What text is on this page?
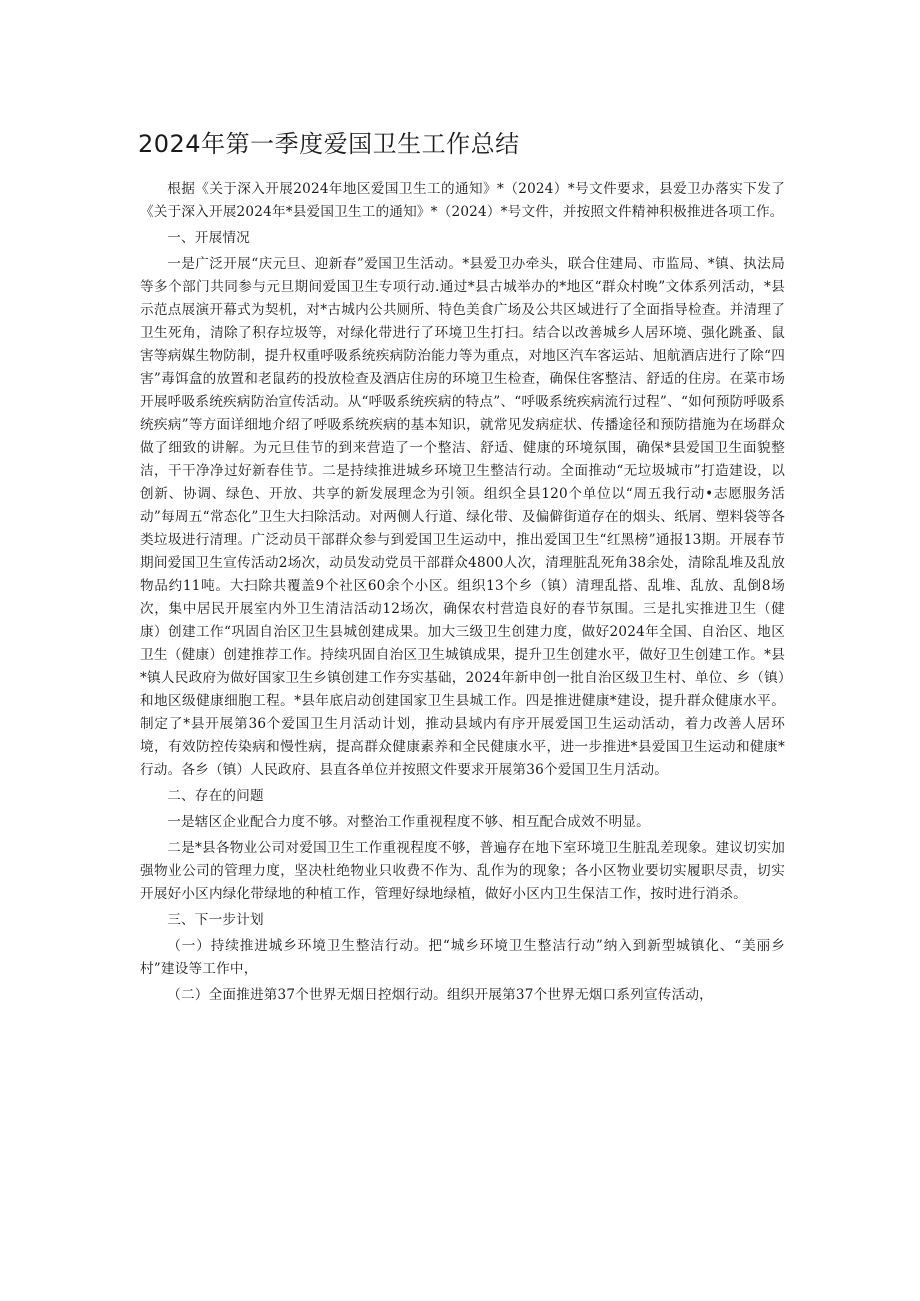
2024年第一季度爱国卫生工作总结

根据《关于深入开展2024年地区爱国卫生工的通知》*（2024）*号文件要求，县爱卫办落实下发了《关于深入开展2024年*县爱国卫生工的通知》*（2024）*号文件，并按照文件精神积极推进各项工作。

一、开展情况

一是广泛开展“庆元旦、迎新春”爱国卫生活动。*县爱卫办牵头，联合住建局、市监局、*镇、执法局等多个部门共同参与元旦期间爱国卫生专项行动.通过*县古城举办的*地区“群众村晚”文体系列活动，*县示范点展演开幕式为契机，对*古城内公共厕所、特色美食广场及公共区域进行了全面指导检查。并清理了卫生死角，清除了积存垃圾等，对绿化带进行了环境卫生打扫。结合以改善城乡人居环境、强化跳蚤、鼠害等病媒生物防制，提升权重呼吸系统疾病防治能力等为重点，对地区汽车客运站、旭航酒店进行了除“四害”毒饵盒的放置和老鼠药的投放检查及酒店住房的环境卫生检查，确保住客整洁、舒适的住房。在菜市场开展呼吸系统疾病防治宣传活动。从“呼吸系统疾病的特点”、“呼吸系统疾病流行过程”、“如何预防呼吸系统疾病”等方面详细地介绍了呼吸系统疾病的基本知识，就常见发病症状、传播途径和预防措施为在场群众做了细致的讲解。为元旦佳节的到来营造了一个整洁、舒适、健康的环境氛围，确保*县爱国卫生面貌整洁，干干净净过好新春佳节。二是持续推进城乡环境卫生整洁行动。全面推动“无垃圾城市”打造建设，以创新、协调、绿色、开放、共享的新发展理念为引领。组织全县120个单位以“周五我行动•志愿服务活动”每周五“常态化”卫生大扫除活动。对两侧人行道、绿化带、及偏僻街道存在的烟头、纸屑、塑料袋等各类垃圾进行清理。广泛动员干部群众参与到爱国卫生运动中，推出爱国卫生“红黑榜”通报13期。开展春节期间爱国卫生宣传活动2场次，动员发动党员干部群众4800人次，清理脏乱死角38余处，清除乱堆及乱放物品约11吨。大扫除共覆盖9个社区60余个小区。组织13个乡（镇）清理乱搭、乱堆、乱放、乱倒8场次，集中居民开展室内外卫生清洁活动12场次，确保农村营造良好的春节氛围。三是扎实推进卫生（健康）创建工作“巩固自治区卫生县城创建成果。加大三级卫生创建力度，做好2024年全国、自治区、地区卫生（健康）创建推荐工作。持续巩固自治区卫生城镇成果，提升卫生创建水平，做好卫生创建工作。*县*镇人民政府为做好国家卫生乡镇创建工作夯实基础，2024年新申创一批自治区级卫生村、单位、乡（镇）和地区级健康细胞工程。*县年底启动创建国家卫生县城工作。四是推进健康*建设，提升群众健康水平。制定了*县开展第36个爱国卫生月活动计划，推动县域内有序开展爱国卫生运动活动，着力改善人居环境，有效防控传染病和慢性病，提高群众健康素养和全民健康水平，进一步推进*县爱国卫生运动和健康*行动。各乡（镇）人民政府、县直各单位并按照文件要求开展第36个爱国卫生月活动。

二、存在的问题

一是辖区企业配合力度不够。对整治工作重视程度不够、相互配合成效不明显。

二是*县各物业公司对爱国卫生工作重视程度不够，普遍存在地下室环境卫生脏乱差现象。建议切实加强物业公司的管理力度，坚决杜绝物业只收费不作为、乱作为的现象；各小区物业要切实履职尽责，切实开展好小区内绿化带绿地的种植工作，管理好绿地绿植，做好小区内卫生保洁工作，按时进行消杀。

三、下一步计划

（一）持续推进城乡环境卫生整洁行动。把“城乡环境卫生整洁行动”纳入到新型城镇化、“美丽乡村”建设等工作中，

（二）全面推进第37个世界无烟日控烟行动。组织开展第37个世界无烟口系列宣传活动，
